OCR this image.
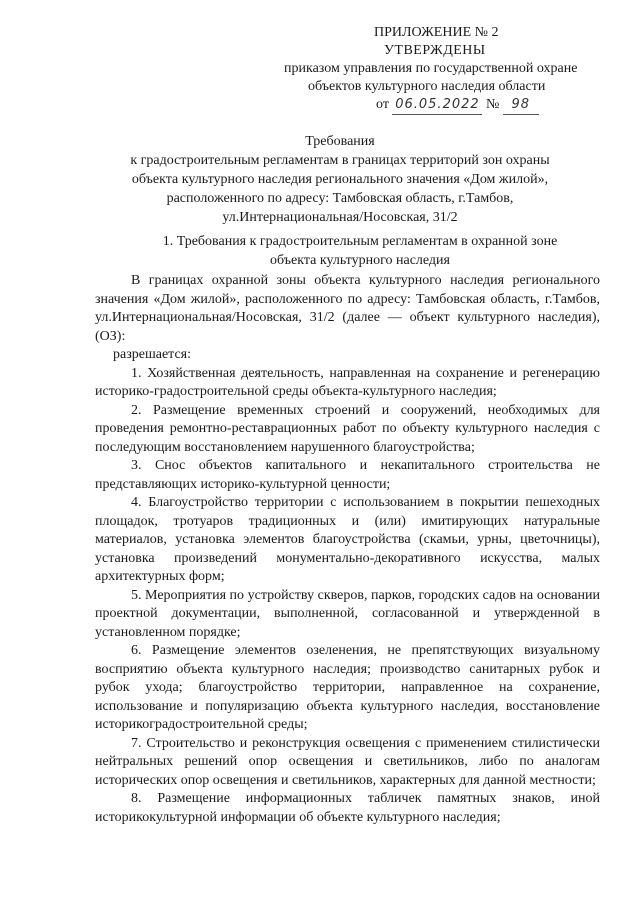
ПРИЛОЖЕНИЕ № 2
УТВЕРЖДЕНЫ
приказом управления по государственной охране
объектов культурного наследия области
от 06.05.2022 № 98
Требования
к градостроительным регламентам в границах территорий зон охраны
объекта культурного наследия регионального значения «Дом жилой»,
расположенного по адресу: Тамбовская область, г.Тамбов,
ул.Интернациональная/Носовская, 31/2
1. Требования к градостроительным регламентам в охранной зоне
объекта культурного наследия

В границах охранной зоны объекта культурного наследия регионального значения «Дом жилой», расположенного по адресу: Тамбовская область, г.Тамбов, ул.Интернациональная/Носовская, 31/2 (далее — объект культурного наследия), (ОЗ):

разрешается:

1. Хозяйственная деятельность, направленная на сохранение и регенерацию историко-градостроительной среды объекта-культурного наследия;

2. Размещение временных строений и сооружений, необходимых для проведения ремонтно-реставрационных работ по объекту культурного наследия с последующим восстановлением нарушенного благоустройства;

3. Снос объектов капитального и некапитального строительства не представляющих историко-культурной ценности;

4. Благоустройство территории с использованием в покрытии пешеходных площадок, тротуаров традиционных и (или) имитирующих натуральные материалов, установка элементов благоустройства (скамьи, урны, цветочницы), установка произведений монументально-декоративного искусства, малых архитектурных форм;

5. Мероприятия по устройству скверов, парков, городских садов на основании проектной документации, выполненной, согласованной и утвержденной в установленном порядке;

6. Размещение элементов озеленения, не препятствующих визуальному восприятию объекта культурного наследия; производство санитарных рубок и рубок ухода; благоустройство территории, направленное на сохранение, использование и популяризацию объекта культурного наследия, восстановление историкоградостроительной среды;

7. Строительство и реконструкция освещения с применением стилистически нейтральных решений опор освещения и светильников, либо по аналогам исторических опор освещения и светильников, характерных для данной местности;

8. Размещение информационных табличек памятных знаков, иной историкокультурной информации об объекте культурного наследия;
